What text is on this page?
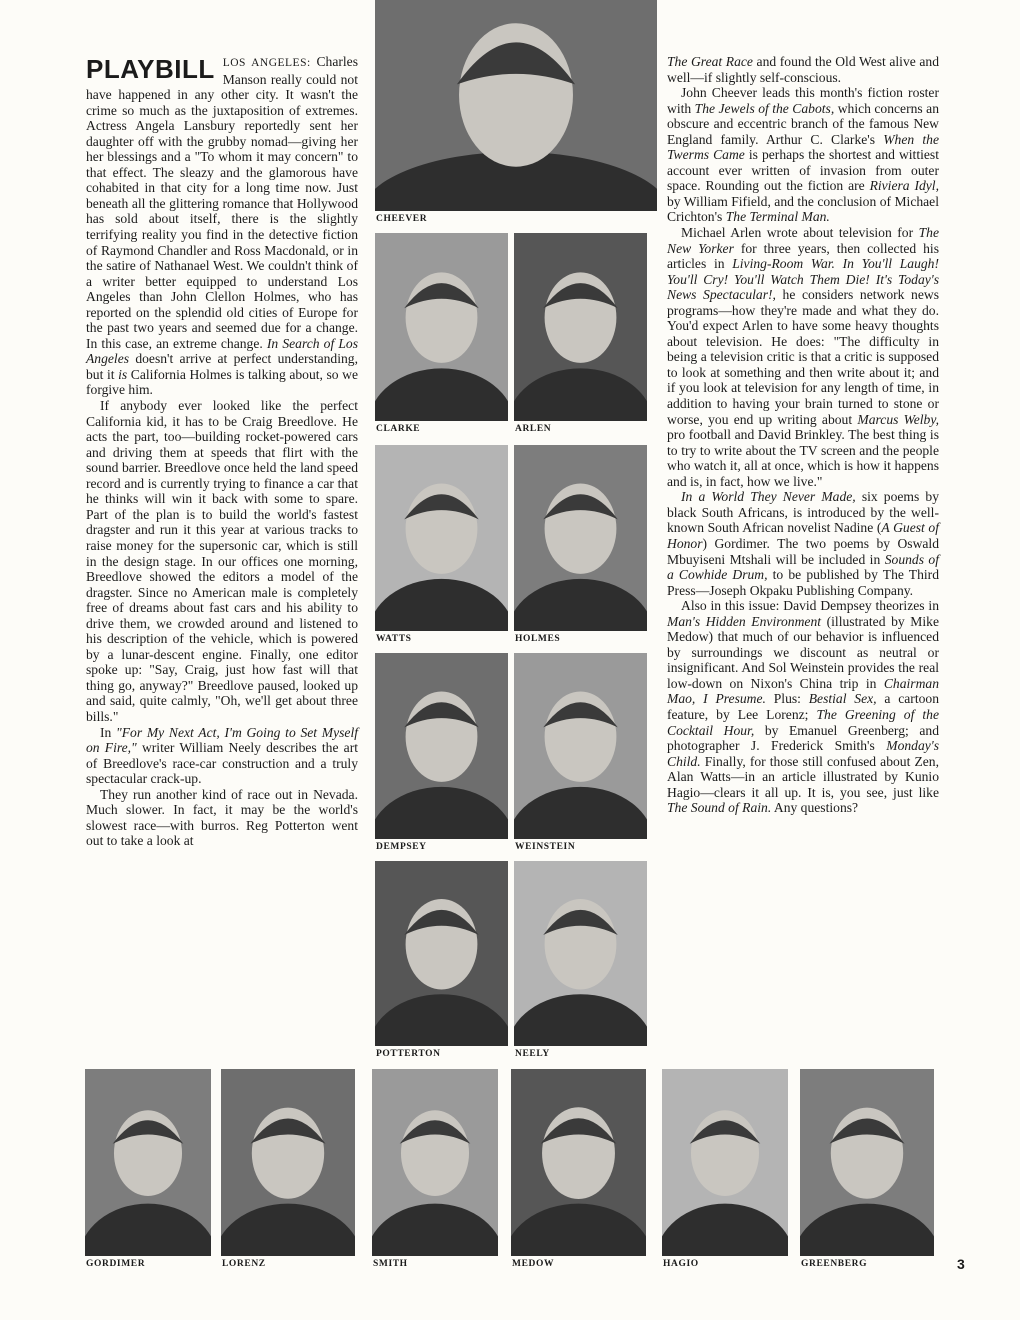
PLAYBILL LOS ANGELES: Charles Manson really could not have happened in any other city. It wasn't the crime so much as the juxtaposition of extremes. Actress Angela Lansbury reportedly sent her daughter off with the grubby nomad—giving her her blessings and a "To whom it may concern" to that effect. The sleazy and the glamorous have cohabited in that city for a long time now. Just beneath all the glittering romance that Hollywood has sold about itself, there is the slightly terrifying reality you find in the detective fiction of Raymond Chandler and Ross Macdonald, or in the satire of Nathanael West. We couldn't think of a writer better equipped to understand Los Angeles than John Clellon Holmes, who has reported on the splendid old cities of Europe for the past two years and seemed due for a change. In this case, an extreme change. In Search of Los Angeles doesn't arrive at perfect understanding, but it is California Holmes is talking about, so we forgive him.

If anybody ever looked like the perfect California kid, it has to be Craig Breedlove. He acts the part, too—building rocket-powered cars and driving them at speeds that flirt with the sound barrier. Breedlove once held the land speed record and is currently trying to finance a car that he thinks will win it back with some to spare. Part of the plan is to build the world's fastest dragster and run it this year at various tracks to raise money for the supersonic car, which is still in the design stage. In our offices one morning, Breedlove showed the editors a model of the dragster. Since no American male is completely free of dreams about fast cars and his ability to drive them, we crowded around and listened to his description of the vehicle, which is powered by a lunar-descent engine. Finally, one editor spoke up: "Say, Craig, just how fast will that thing go, anyway?" Breedlove paused, looked up and said, quite calmly, "Oh, we'll get about three bills."

In "For My Next Act, I'm Going to Set Myself on Fire," writer William Neely describes the art of Breedlove's race-car construction and a truly spectacular crack-up.

They run another kind of race out in Nevada. Much slower. In fact, it may be the world's slowest race—with burros. Reg Potterton went out to take a look at

The Great Race and found the Old West alive and well—if slightly self-conscious.

John Cheever leads this month's fiction roster with The Jewels of the Cabots, which concerns an obscure and eccentric branch of the famous New England family. Arthur C. Clarke's When the Twerms Came is perhaps the shortest and wittiest account ever written of invasion from outer space. Rounding out the fiction are Riviera Idyl, by William Fifield, and the conclusion of Michael Crichton's The Terminal Man.

Michael Arlen wrote about television for The New Yorker for three years, then collected his articles in Living-Room War. In You'll Laugh! You'll Cry! You'll Watch Them Die! It's Today's News Spectacular!, he considers network news programs—how they're made and what they do. You'd expect Arlen to have some heavy thoughts about television. He does: "The difficulty in being a television critic is that a critic is supposed to look at something and then write about it; and if you look at television for any length of time, in addition to having your brain turned to stone or worse, you end up writing about Marcus Welby, pro football and David Brinkley. The best thing is to try to write about the TV screen and the people who watch it, all at once, which is how it happens and is, in fact, how we live."

In a World They Never Made, six poems by black South Africans, is introduced by the well-known South African novelist Nadine (A Guest of Honor) Gordimer. The two poems by Oswald Mbuyiseni Mtshali will be included in Sounds of a Cowhide Drum, to be published by The Third Press—Joseph Okpaku Publishing Company.

Also in this issue: David Dempsey theorizes in Man's Hidden Environment (illustrated by Mike Medow) that much of our behavior is influenced by surroundings we discount as neutral or insignificant. And Sol Weinstein provides the real low-down on Nixon's China trip in Chairman Mao, I Presume. Plus: Bestial Sex, a cartoon feature, by Lee Lorenz; The Greening of the Cocktail Hour, by Emanuel Greenberg; and photographer J. Frederick Smith's Monday's Child. Finally, for those still confused about Zen, Alan Watts—in an article illustrated by Kunio Hagio—clears it all up. It is, you see, just like The Sound of Rain. Any questions?

CHEEVER
CLARKE	ARLEN
WATTS	HOLMES
DEMPSEY	WEINSTEIN
POTTERTON	NEELY
GORDIMER	LORENZ	SMITH	MEDOW	HAGIO	GREENBERG	3
